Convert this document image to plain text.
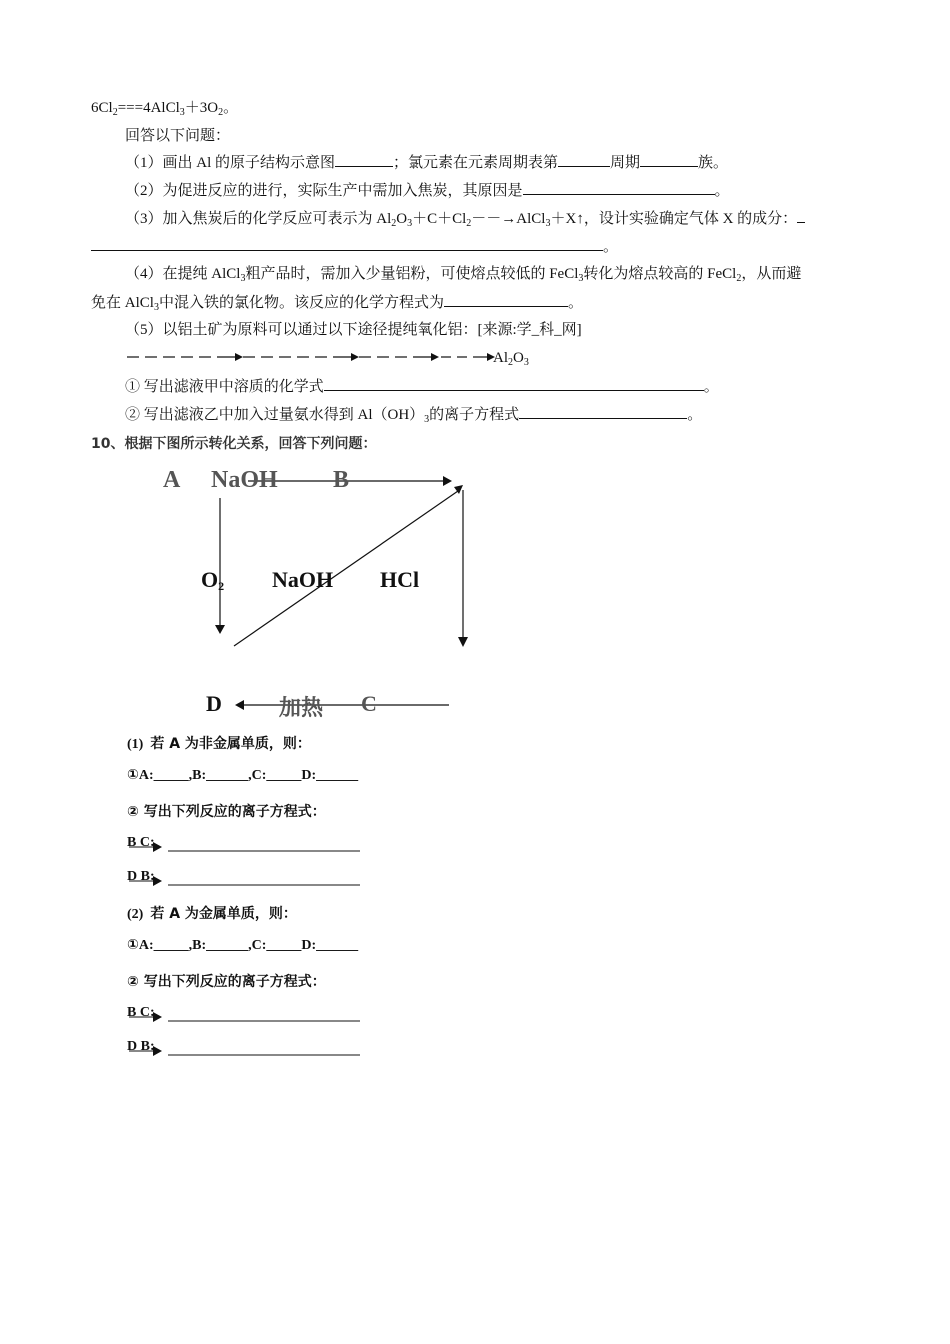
$6Cl_2===4AlCl_3+3O_2$。
回答以下问题：
（1）画出 Al 的原子结构示意图	；氯元素在元素周期表第	周期	族。
（2）为促进反应的进行，实际生产中需加入焦炭，其原因是	。
（3）加入焦炭后的化学反应可表示为 $Al_2O_3+C+Cl_2--\to AlCl_3+X↑$，设计实验确定气体 X 的成分：
。
（4）在提纯 AlCl$_3$粗产品时，需加入少量铝粉，可使熔点较低的 FeCl$_3$转化为熔点较高的 FeCl$_2$，从而避
免在 AlCl$_3$中混入铁的氯化物。该反应的化学方程式为	。
（5）以铝土矿为原料可以通过以下途径提纯氧化铝：[来源:学_科_网]
$Al_2O_3$
① 写出滤液甲中溶质的化学式	。
② 写出滤液乙中加入过量氨水得到 $Al(OH)_3$的离子方程式	。
10、根据下图所示转化关系，回答下列问题：
A NaOH B
$O_2$ NaOH HCl
D	加热 C
(1) 若 A 为非金属单质，则：
①A:_____,B:______,C:_____D:______
② 写出下列反应的离子方程式：
B C:
D B:
(2) 若 A 为金属单质，则：
①A:_____,B:______,C:_____D:______
② 写出下列反应的离子方程式：
B C:
D B:
